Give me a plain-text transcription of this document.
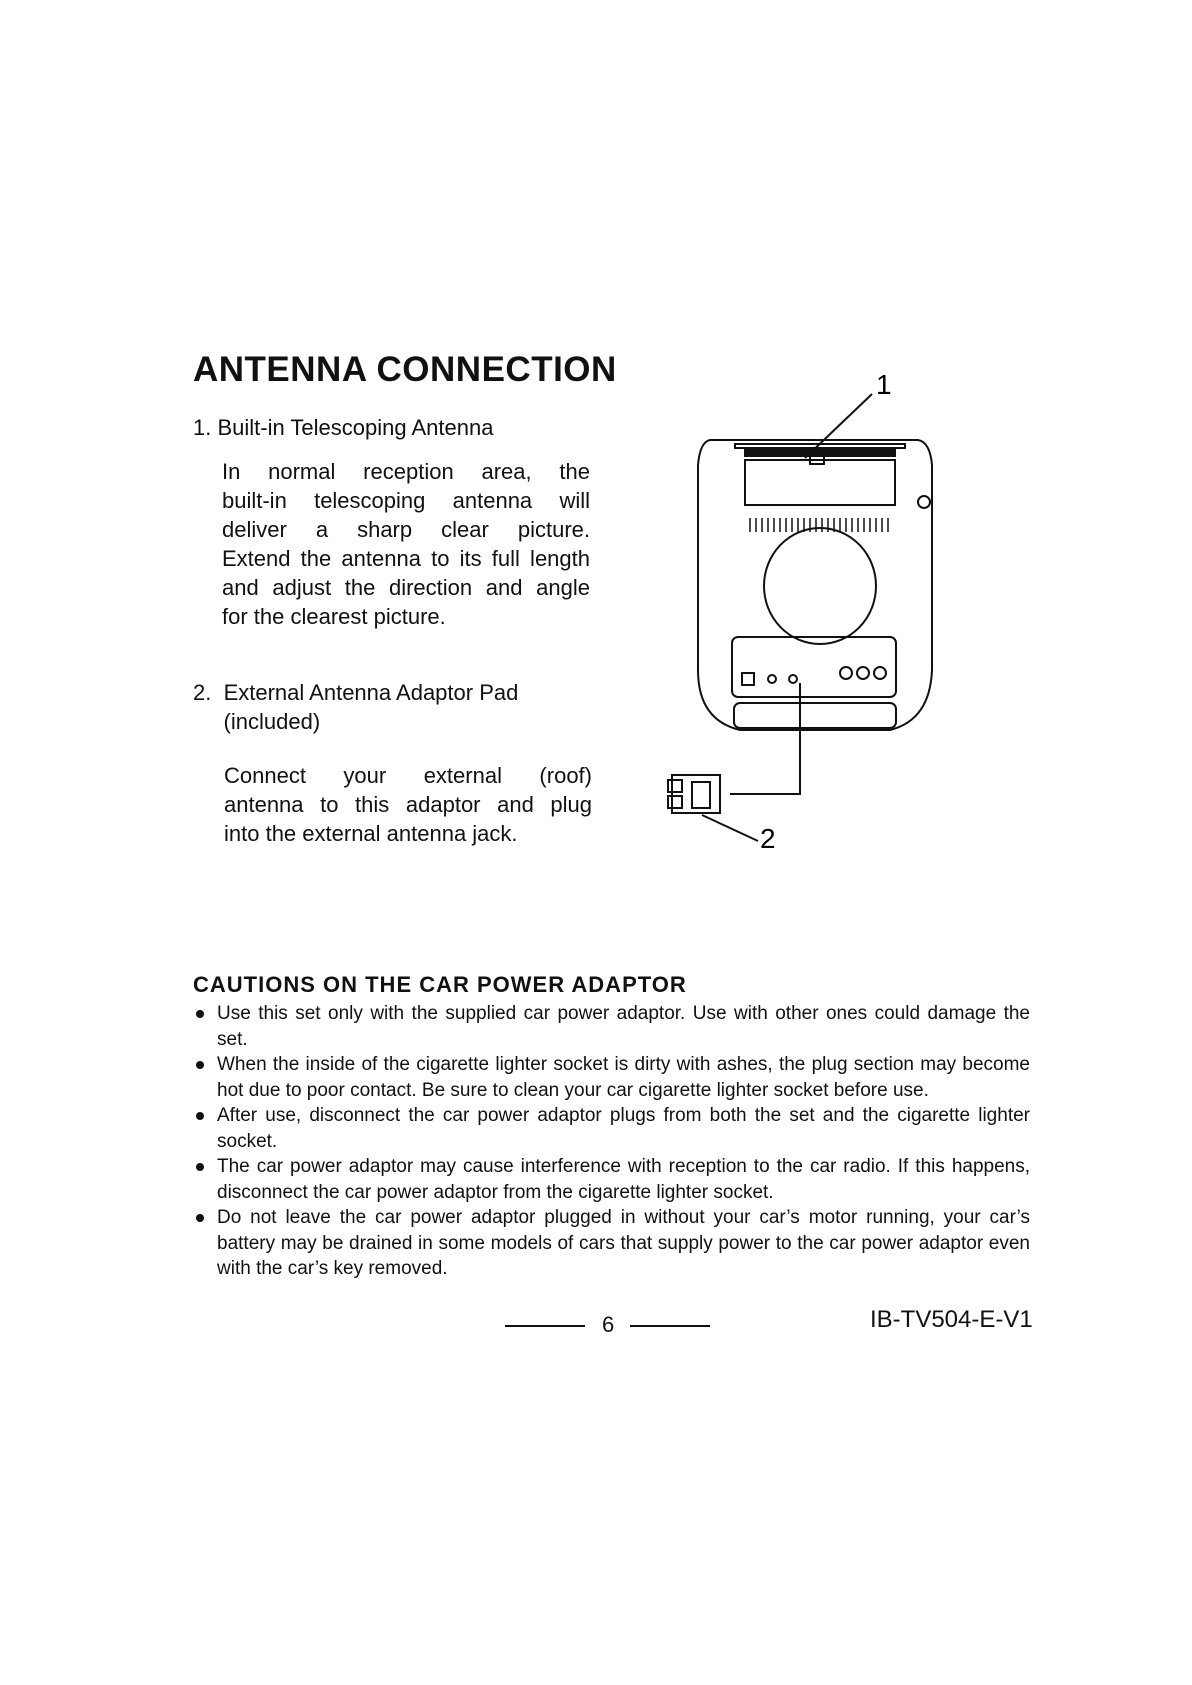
ANTENNA CONNECTION
1. Built-in Telescoping Antenna
In normal reception area, the
built-in telescoping antenna will
deliver a sharp clear picture.
Extend the antenna to its full length
and adjust the direction and angle
for the clearest picture.
2.  External Antenna Adaptor Pad
(included)
Connect your external (roof)
antenna to this adaptor and plug
into the external antenna jack.
1
2
CAUTIONS ON THE CAR POWER ADAPTOR
Use this set only with the supplied car power adaptor. Use with other ones could damage the set.
When the inside of the cigarette lighter socket is dirty with ashes, the plug section may become hot due to poor contact. Be sure to clean your car cigarette lighter socket before use.
After use, disconnect the car power adaptor plugs from both the set and the cigarette lighter socket.
The car power adaptor may cause interference with reception to the car radio. If this happens, disconnect the car power adaptor from the cigarette lighter socket.
Do not leave the car power adaptor plugged in without your car’s motor running, your car’s battery may be drained in some models of cars that supply power to the car power adaptor even with the car’s key removed.
6	IB-TV504-E-V1
